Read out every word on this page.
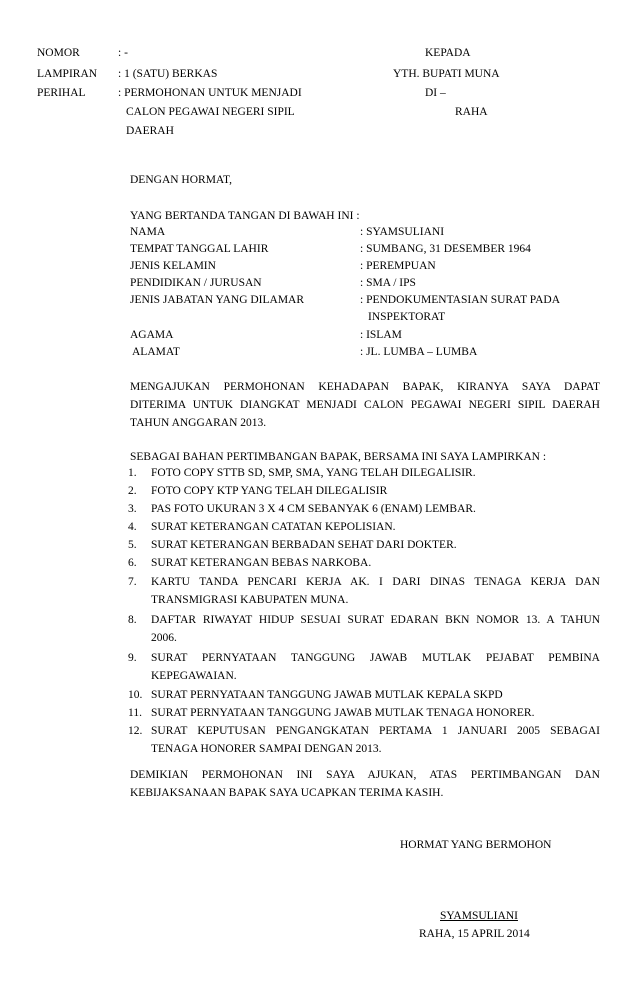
NOMOR	: -
LAMPIRAN : 1 (SATU) BERKAS
PERIHAL	: PERMOHONAN UNTUK MENJADI
CALON PEGAWAI NEGERI SIPIL
DAERAH
KEPADA
YTH. BUPATI MUNA
DI –
RAHA
DENGAN HORMAT,
YANG BERTANDA TANGAN DI BAWAH INI :
NAMA	: SYAMSULIANI
TEMPAT TANGGAL LAHIR	: SUMBANG, 31 DESEMBER 1964
JENIS KELAMIN	: PEREMPUAN
PENDIDIKAN / JURUSAN	: SMA / IPS
JENIS JABATAN YANG DILAMAR	: PENDOKUMENTASIAN SURAT PADA
INSPEKTORAT
AGAMA	: ISLAM
ALAMAT	: JL. LUMBA – LUMBA
MENGAJUKAN PERMOHONAN KEHADAPAN BAPAK, KIRANYA SAYA DAPAT
DITERIMA UNTUK DIANGKAT MENJADI CALON PEGAWAI NEGERI SIPIL DAERAH
TAHUN ANGGARAN 2013.
SEBAGAI BAHAN PERTIMBANGAN BAPAK, BERSAMA INI SAYA LAMPIRKAN :
1. FOTO COPY STTB SD, SMP, SMA, YANG TELAH DILEGALISIR.
2. FOTO COPY KTP YANG TELAH DILEGALISIR
3. PAS FOTO UKURAN 3 X 4 CM SEBANYAK 6 (ENAM) LEMBAR.
4. SURAT KETERANGAN CATATAN KEPOLISIAN.
5. SURAT KETERANGAN BERBADAN SEHAT DARI DOKTER.
6. SURAT KETERANGAN BEBAS NARKOBA.
7. KARTU TANDA PENCARI KERJA AK. I DARI DINAS TENAGA KERJA DAN
TRANSMIGRASI KABUPATEN MUNA.
8. DAFTAR RIWAYAT HIDUP SESUAI SURAT EDARAN BKN NOMOR 13. A TAHUN
2006.
9. SURAT PERNYATAAN TANGGUNG JAWAB MUTLAK PEJABAT PEMBINA
KEPEGAWAIAN.
10. SURAT PERNYATAAN TANGGUNG JAWAB MUTLAK KEPALA SKPD
11. SURAT PERNYATAAN TANGGUNG JAWAB MUTLAK TENAGA HONORER.
12. SURAT KEPUTUSAN PENGANGKATAN PERTAMA 1 JANUARI 2005 SEBAGAI
TENAGA HONORER SAMPAI DENGAN 2013.
DEMIKIAN PERMOHONAN INI SAYA AJUKAN, ATAS PERTIMBANGAN DAN
KEBIJAKSANAAN BAPAK SAYA UCAPKAN TERIMA KASIH.
HORMAT YANG BERMOHON
SYAMSULIANI
RAHA, 15 APRIL 2014
